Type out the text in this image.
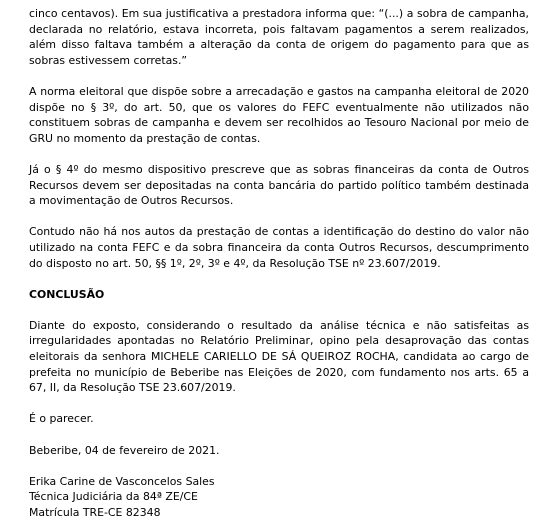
cinco centavos). Em sua justificativa a prestadora informa que: “(...) a sobra de campanha, declarada no relatório, estava incorreta, pois faltavam pagamentos a serem realizados, além disso faltava também a alteração da conta de origem do pagamento para que as sobras estivessem corretas.”

A norma eleitoral que dispõe sobre a arrecadação e gastos na campanha eleitoral de 2020 dispõe no § 3º, do art. 50, que os valores do FEFC eventualmente não utilizados não constituem sobras de campanha e devem ser recolhidos ao Tesouro Nacional por meio de GRU no momento da prestação de contas.

Já o § 4º do mesmo dispositivo prescreve que as sobras financeiras da conta de Outros Recursos devem ser depositadas na conta bancária do partido político também destinada a movimentação de Outros Recursos.

Contudo não há nos autos da prestação de contas a identificação do destino do valor não utilizado na conta FEFC e da sobra financeira da conta Outros Recursos, descumprimento do disposto no art. 50, §§ 1º, 2º, 3º e 4º, da Resolução TSE nº 23.607/2019.

CONCLUSÃO

Diante do exposto, considerando o resultado da análise técnica e não satisfeitas as irregularidades apontadas no Relatório Preliminar, opino pela desaprovação das contas eleitorais da senhora MICHELE CARIELLO DE SÁ QUEIROZ ROCHA, candidata ao cargo de prefeita no município de Beberibe nas Eleições de 2020, com fundamento nos arts. 65 a 67, II, da Resolução TSE 23.607/2019.

É o parecer.

Beberibe, 04 de fevereiro de 2021.

Erika Carine de Vasconcelos Sales
Técnica Judiciária da 84ª ZE/CE
Matrícula TRE-CE 82348
